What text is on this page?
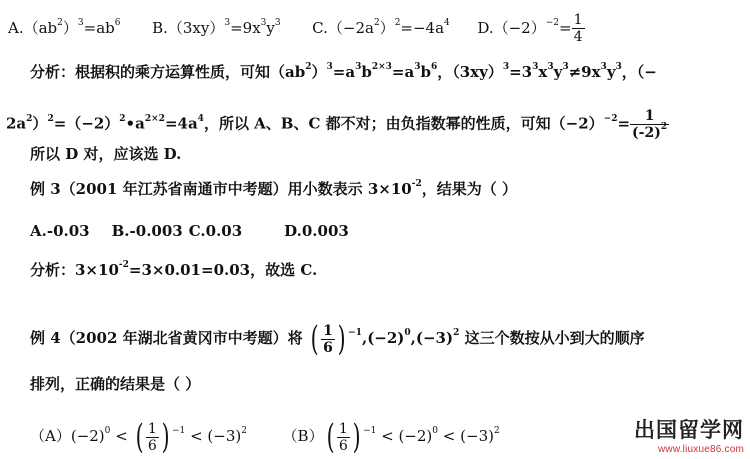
$A.(ab^2)^3=ab^6$ $B.(3xy)^3=9x^3y^3$ $C.(-2a^2)^2=-4a^4$ $D.(-2)^{-2}= \frac{1}{4}$
分析：根据积的乘方运算性质，可知$(ab^2)^3=a^3b^{2\times 3}=a^3b^6$，$(3xy)^3=3^3x^3y^3\ne 9x^3y^3$，（−
$2a^2)^2=(-2)^2•a^{2\times 2}=4a^4$，所以 A、B、C 都不对；由负指数幂的性质，可知$(-2)^{-2}= \frac{1}{(-2)^2}$
所以 D 对，应该选 D.
例 3（2001 年江苏省南通市中考题）用小数表示 $3\times 10^{-2}$，结果为（ ）
A.-0.03 B.-0.003 C.0.03	D.0.003
分析：$3\times 10^{-2}=3\times 0.01=0.03$，故选 C.
例 4（2002 年湖北省黄冈市中考题）将 ( $\frac{1}{6}$ ) $^{-1},(-2)^0,(-3)^2$ 这三个数按从小到大的顺序
排列，正确的结果是（ ）
$(A)(-2)^0$ < ( $\frac{1}{6}$ ) $^{-1} < (-3)^2$ （B） ( $\frac{1}{6}$ ) $^{-1} < (-2)^0 < (-3)^2$	出国留学网
www.liuxue86.com
